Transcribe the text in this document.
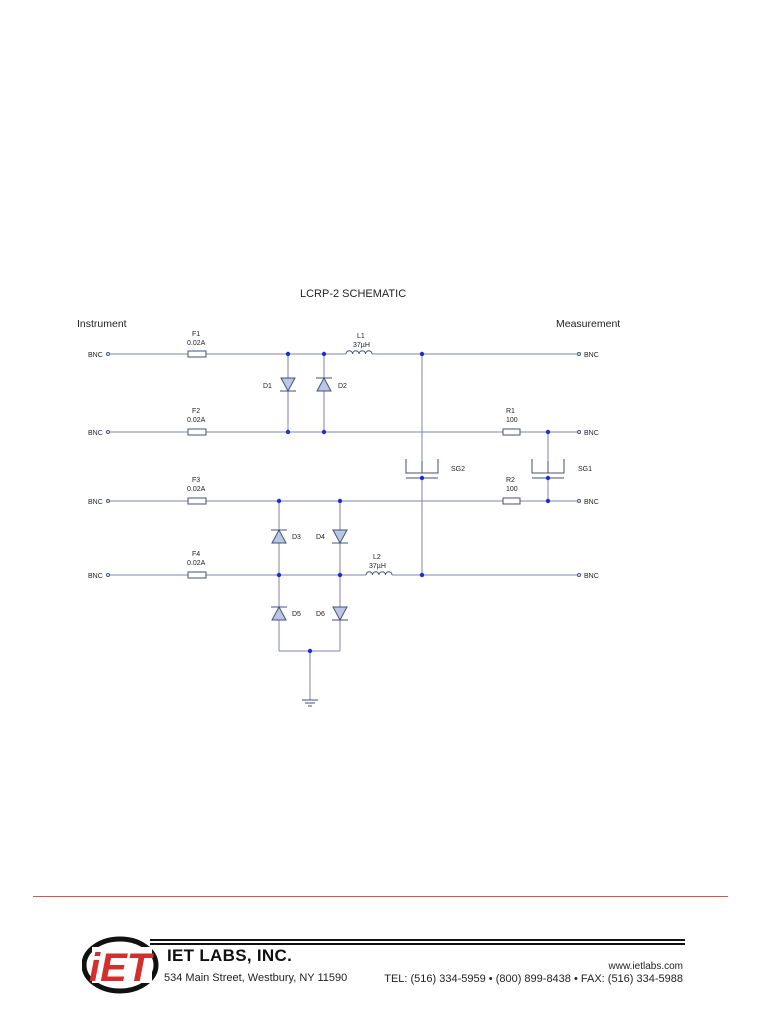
LCRP-2 SCHEMATIC
Instrument	Measurement
BNC
BNC
BNC
BNC
BNC
BNC
BNC
BNC
F1
0.02A
F2
0.02A
F3
0.02A
F4
0.02A
L1
37µH
L2
37µH
R1
100
R2
100
D1	D2
D3 D4
D5 D6
SG2	SG1
iET IET LABS, INC.
534 Main Street, Westbury, NY 11590
www.ietlabs.com
TEL: (516) 334-5959 • (800) 899-8438 • FAX: (516) 334-5988
